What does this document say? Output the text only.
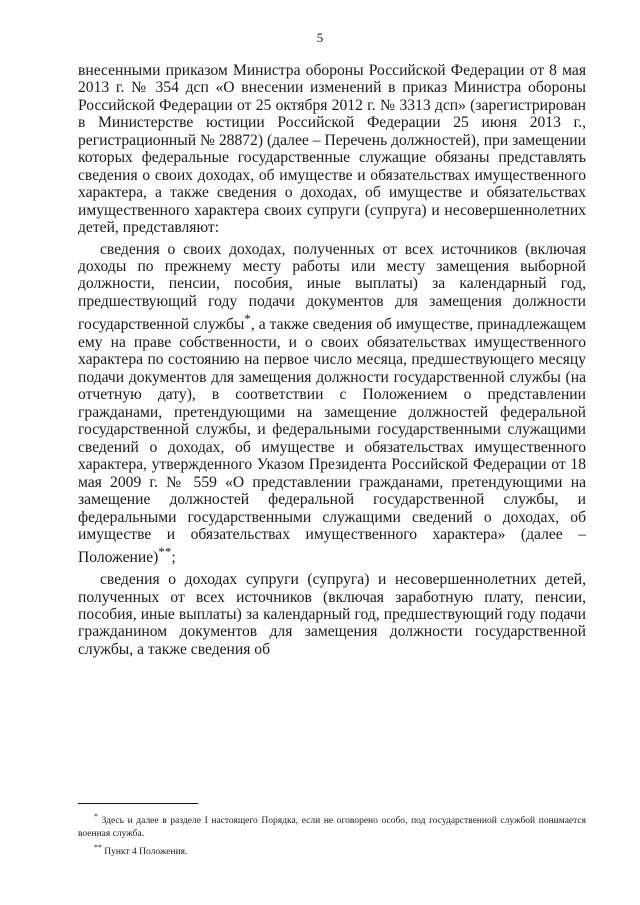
5

внесенными приказом Министра обороны Российской Федерации от 8 мая 2013 г. № 354 дсп «О внесении изменений в приказ Министра обороны Российской Федерации от 25 октября 2012 г. № 3313 дсп» (зарегистрирован в Министерстве юстиции Российской Федерации 25 июня 2013 г., регистрационный № 28872) (далее – Перечень должностей), при замещении которых федеральные государственные служащие обязаны представлять сведения о своих доходах, об имуществе и обязательствах имущественного характера, а также сведения о доходах, об имуществе и обязательствах имущественного характера своих супруги (супруга) и несовершеннолетних детей, представляют:

сведения о своих доходах, полученных от всех источников (включая доходы по прежнему месту работы или месту замещения выборной должности, пенсии, пособия, иные выплаты) за календарный год, предшествующий году подачи документов для замещения должности государственной службы*, а также сведения об имуществе, принадлежащем ему на праве собственности, и о своих обязательствах имущественного характера по состоянию на первое число месяца, предшествующего месяцу подачи документов для замещения должности государственной службы (на отчетную дату), в соответствии с Положением о представлении гражданами, претендующими на замещение должностей федеральной государственной службы, и федеральными государственными служащими сведений о доходах, об имуществе и обязательствах имущественного характера, утвержденного Указом Президента Российской Федерации от 18 мая 2009 г. № 559 «О представлении гражданами, претендующими на замещение должностей федеральной государственной службы, и федеральными государственными служащими сведений о доходах, об имуществе и обязательствах имущественного характера» (далее – Положение)**;

сведения о доходах супруги (супруга) и несовершеннолетних детей, полученных от всех источников (включая заработную плату, пенсии, пособия, иные выплаты) за календарный год, предшествующий году подачи гражданином документов для замещения должности государственной службы, а также сведения об

* Здесь и далее в разделе I настоящего Порядка, если не оговорено особо, под государственной службой понимается военная служба.

** Пункт 4 Положения.
